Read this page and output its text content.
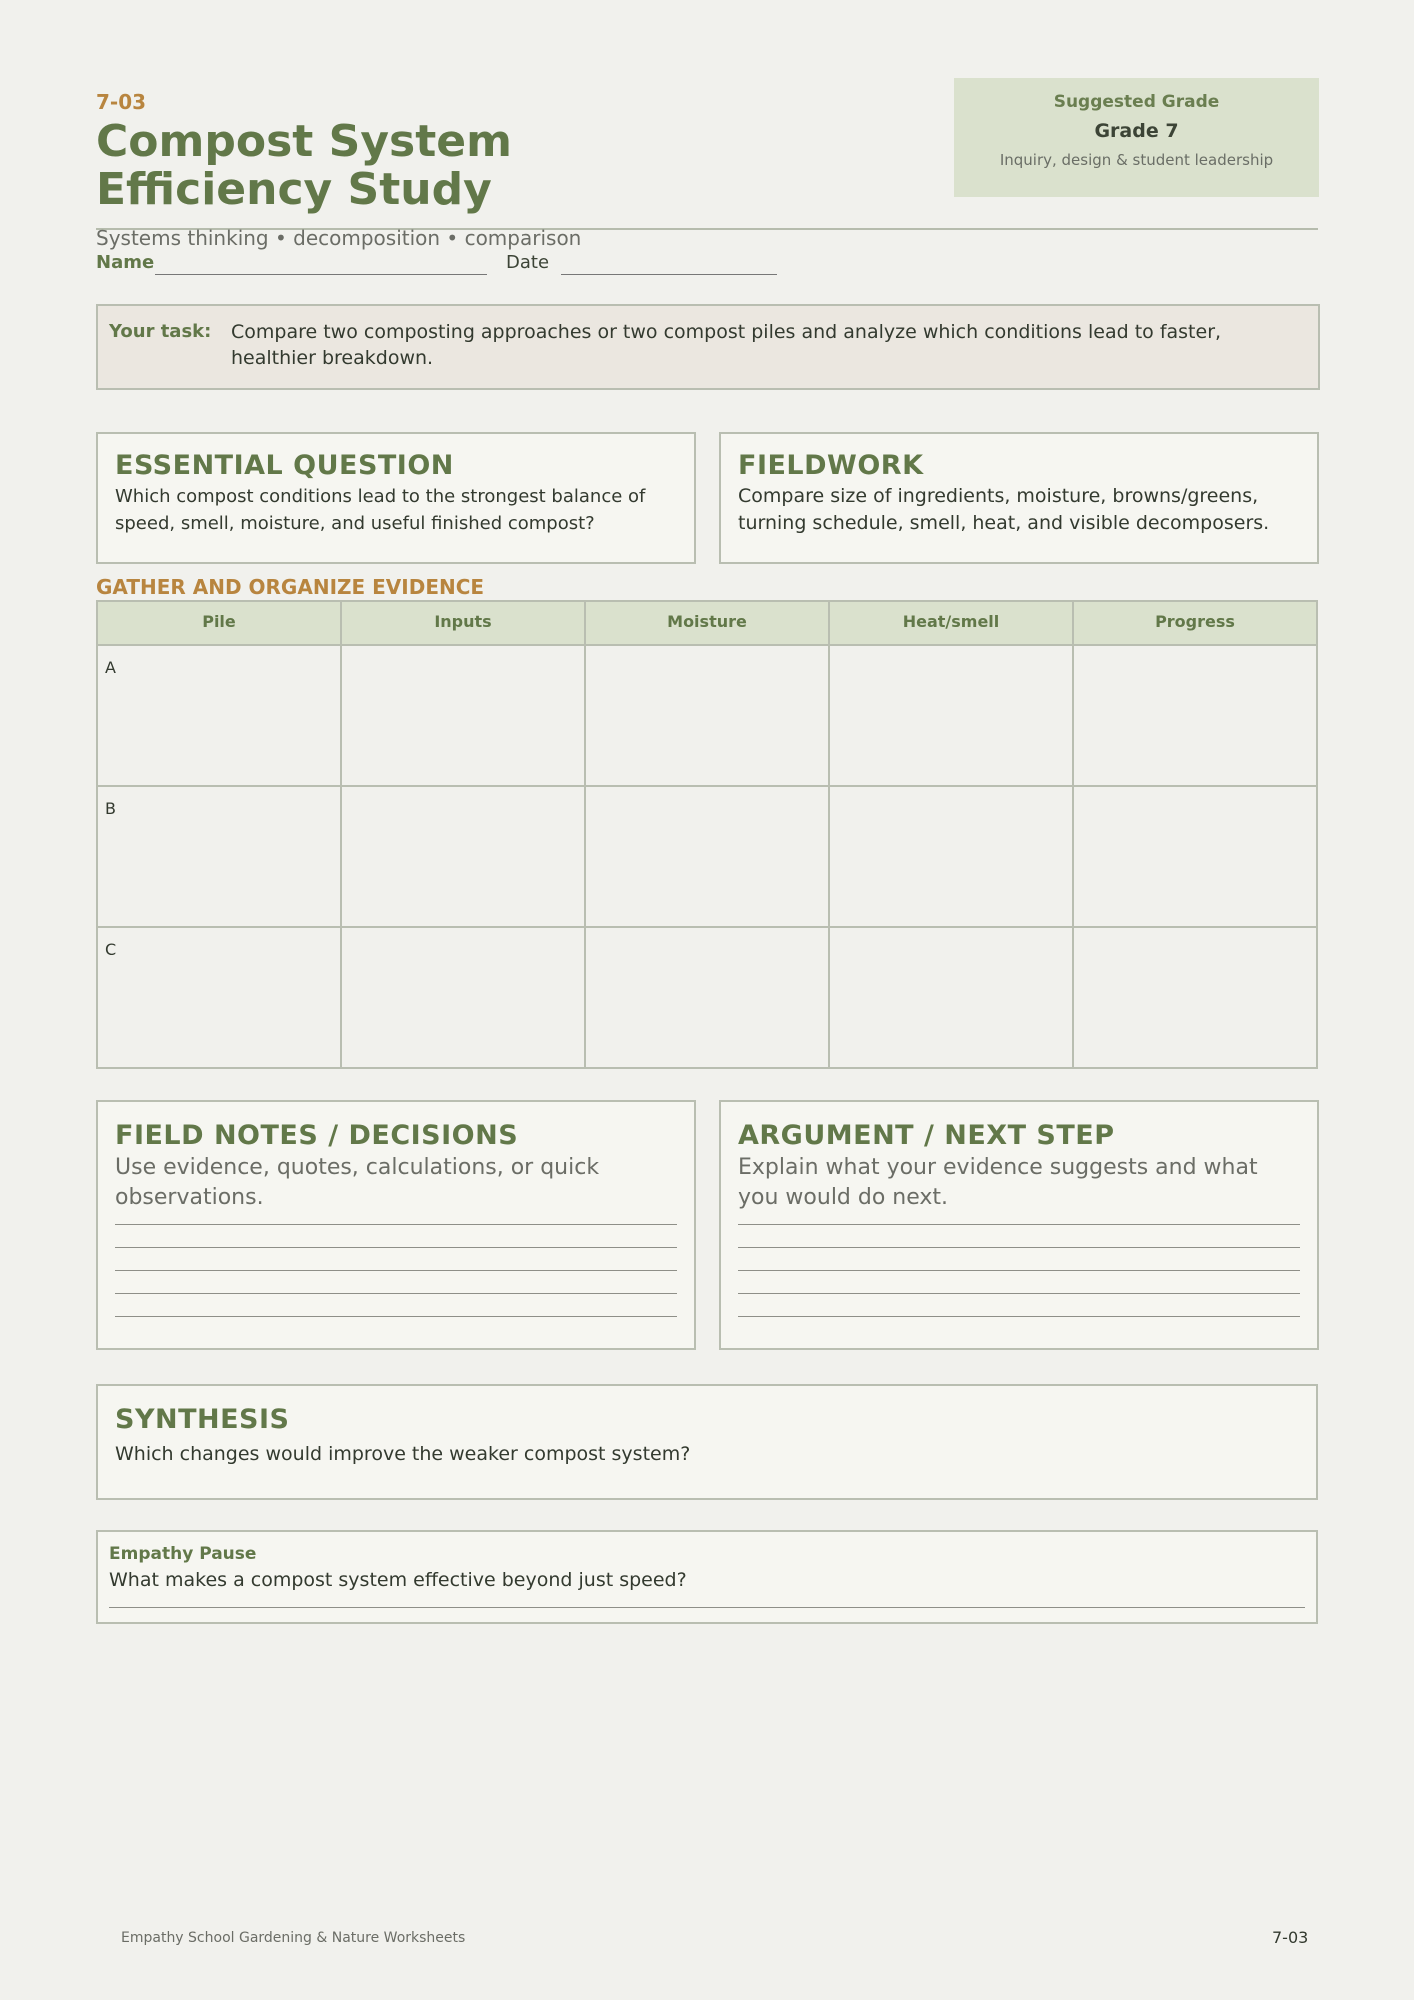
7-03
Compost System Efficiency Study
Suggested Grade
Grade 7
Inquiry, design & student leadership
Systems thinking • decomposition • comparison
Name	Date
Your task: Compare two composting approaches or two compost piles and analyze which conditions lead to faster, healthier breakdown.
ESSENTIAL QUESTION
Which compost conditions lead to the strongest balance of speed, smell, moisture, and useful finished compost?
FIELDWORK
Compare size of ingredients, moisture, browns/greens, turning schedule, smell, heat, and visible decomposers.
GATHER AND ORGANIZE EVIDENCE
Pile	Inputs	Moisture	Heat/smell	Progress
A				
B				
C				
FIELD NOTES / DECISIONS
Use evidence, quotes, calculations, or quick observations.
ARGUMENT / NEXT STEP
Explain what your evidence suggests and what you would do next.
SYNTHESIS
Which changes would improve the weaker compost system?
Empathy Pause
What makes a compost system effective beyond just speed?
Empathy School Gardening & Nature Worksheets	7-03
